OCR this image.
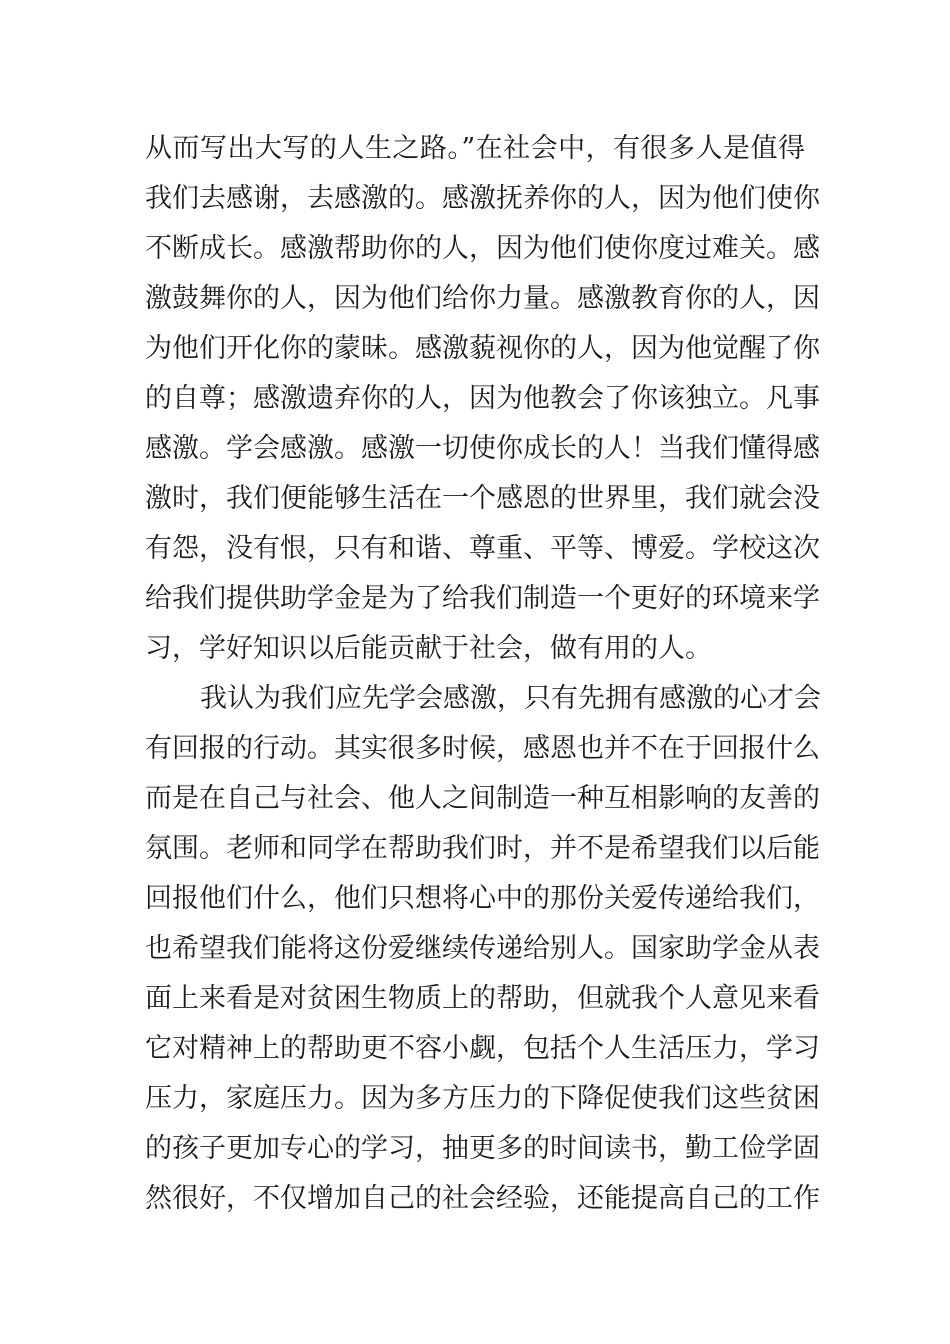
从而写出大写的人生之路。”在社会中，有很多人是值得
我们去感谢，去感激的。感激抚养你的人，因为他们使你
不断成长。感激帮助你的人，因为他们使你度过难关。感
激鼓舞你的人，因为他们给你力量。感激教育你的人，因
为他们开化你的蒙昧。感激藐视你的人，因为他觉醒了你
的自尊；感激遗弃你的人，因为他教会了你该独立。凡事
感激。学会感激。感激一切使你成长的人！当我们懂得感
激时，我们便能够生活在一个感恩的世界里，我们就会没
有怨，没有恨，只有和谐、尊重、平等、博爱。学校这次
给我们提供助学金是为了给我们制造一个更好的环境来学
习，学好知识以后能贡献于社会，做有用的人。
我认为我们应先学会感激，只有先拥有感激的心才会
有回报的行动。其实很多时候，感恩也并不在于回报什么
而是在自己与社会、他人之间制造一种互相影响的友善的
氛围。老师和同学在帮助我们时，并不是希望我们以后能
回报他们什么，他们只想将心中的那份关爱传递给我们，
也希望我们能将这份爱继续传递给别人。国家助学金从表
面上来看是对贫困生物质上的帮助，但就我个人意见来看
它对精神上的帮助更不容小觑，包括个人生活压力，学习
压力，家庭压力。因为多方压力的下降促使我们这些贫困
的孩子更加专心的学习，抽更多的时间读书，勤工俭学固
然很好，不仅增加自己的社会经验，还能提高自己的工作
